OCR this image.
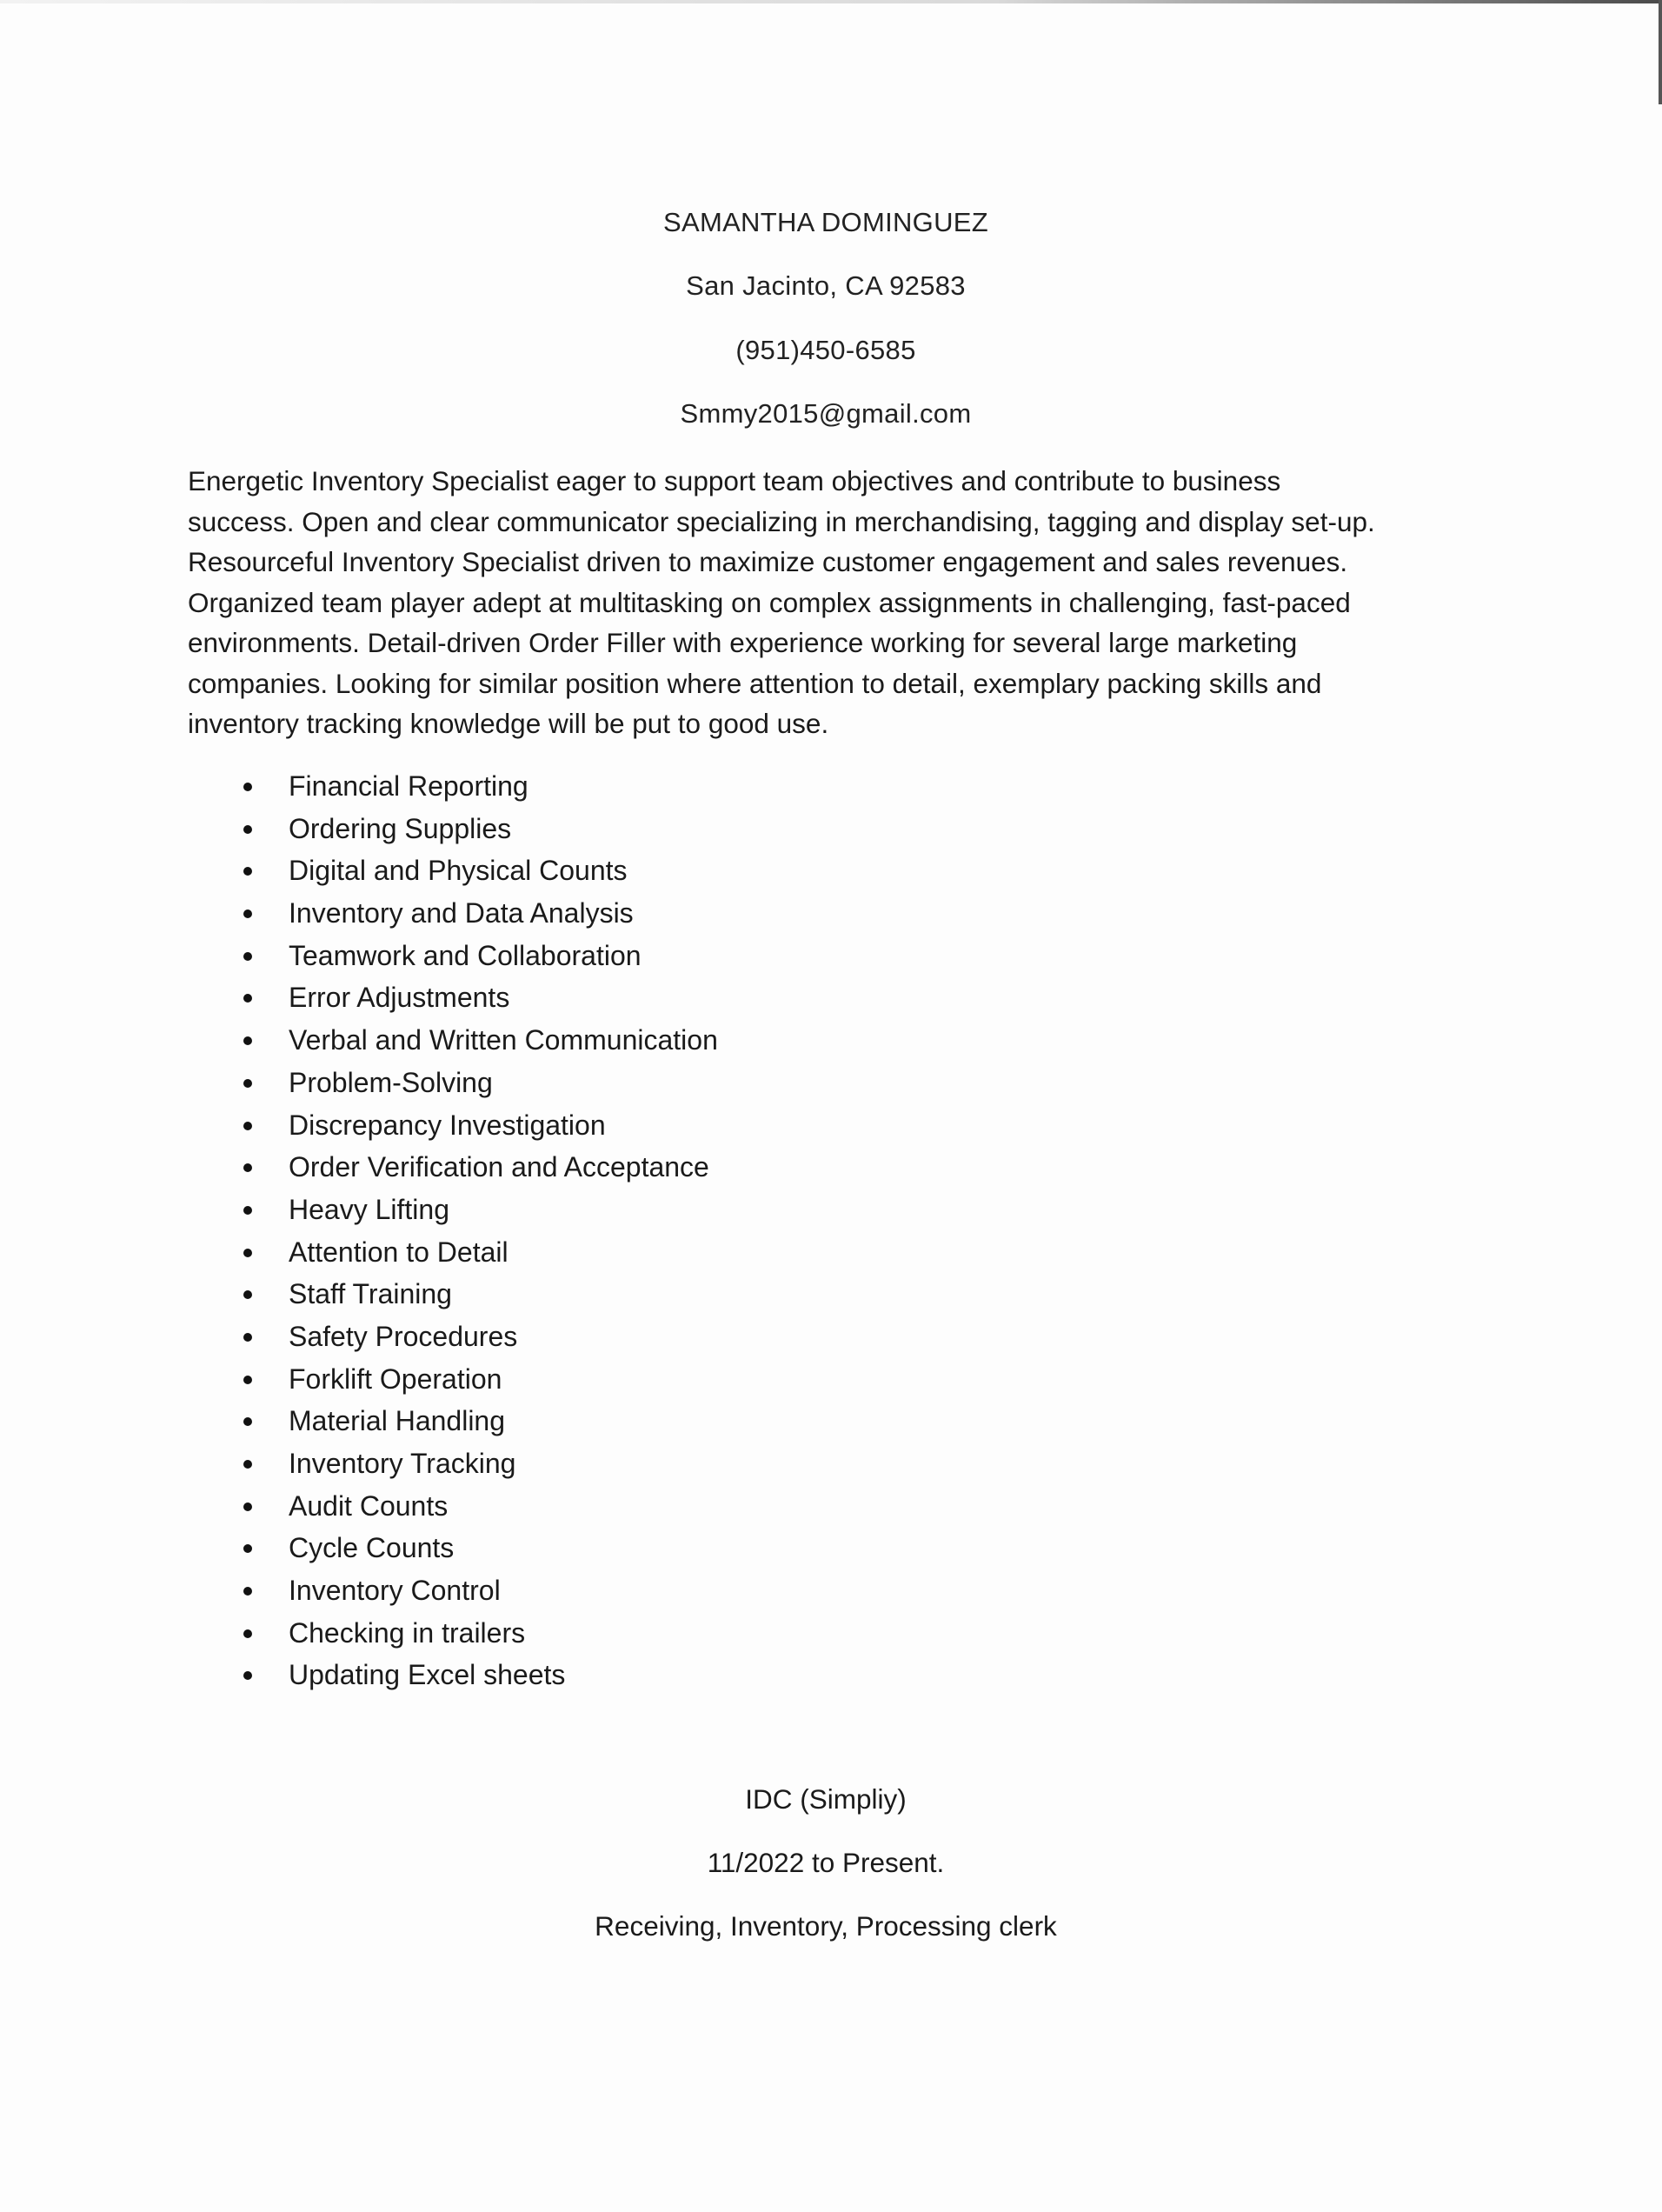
SAMANTHA DOMINGUEZ
San Jacinto, CA 92583
(951)450-6585
Smmy2015@gmail.com

Energetic Inventory Specialist eager to support team objectives and contribute to business

success. Open and clear communicator specializing in merchandising, tagging and display set-up.

Resourceful Inventory Specialist driven to maximize customer engagement and sales revenues.

Organized team player adept at multitasking on complex assignments in challenging, fast-paced

environments. Detail-driven Order Filler with experience working for several large marketing

companies. Looking for similar position where attention to detail, exemplary packing skills and

inventory tracking knowledge will be put to good use.

Financial Reporting
Ordering Supplies
Digital and Physical Counts
Inventory and Data Analysis
Teamwork and Collaboration
Error Adjustments
Verbal and Written Communication
Problem-Solving
Discrepancy Investigation
Order Verification and Acceptance
Heavy Lifting
Attention to Detail
Staff Training
Safety Procedures
Forklift Operation
Material Handling
Inventory Tracking
Audit Counts
Cycle Counts
Inventory Control
Checking in trailers
Updating Excel sheets
IDC (Simpliy)
11/2022 to Present.
Receiving, Inventory, Processing clerk
